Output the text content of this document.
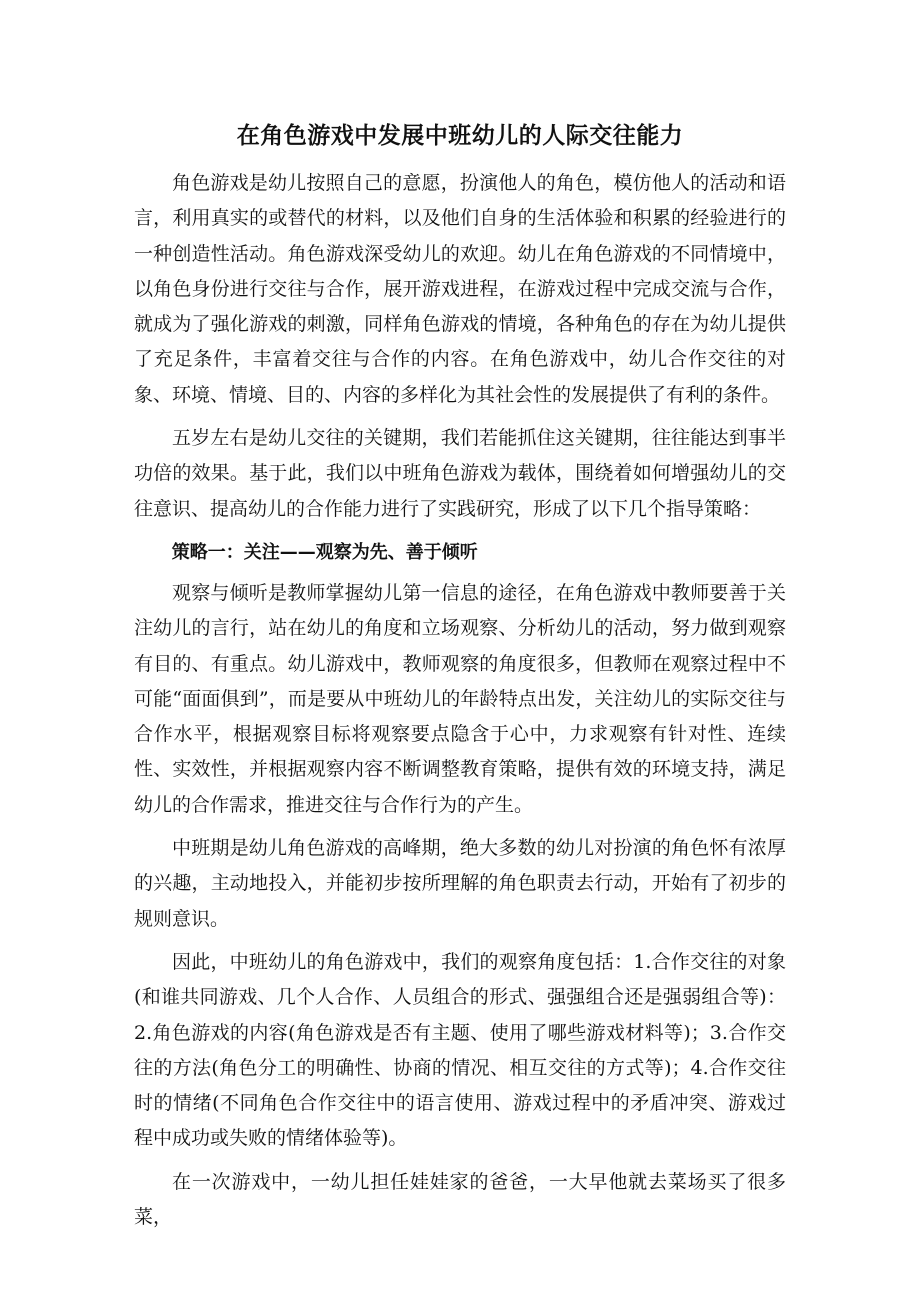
在角色游戏中发展中班幼儿的人际交往能力

角色游戏是幼儿按照自己的意愿，扮演他人的角色，模仿他人的活动和语言，利用真实的或替代的材料，以及他们自身的生活体验和积累的经验进行的一种创造性活动。角色游戏深受幼儿的欢迎。幼儿在角色游戏的不同情境中，以角色身份进行交往与合作，展开游戏进程，在游戏过程中完成交流与合作，就成为了强化游戏的刺激，同样角色游戏的情境，各种角色的存在为幼儿提供了充足条件，丰富着交往与合作的内容。在角色游戏中，幼儿合作交往的对象、环境、情境、目的、内容的多样化为其社会性的发展提供了有利的条件。

五岁左右是幼儿交往的关键期，我们若能抓住这关键期，往往能达到事半功倍的效果。基于此，我们以中班角色游戏为载体，围绕着如何增强幼儿的交往意识、提高幼儿的合作能力进行了实践研究，形成了以下几个指导策略：

策略一：关注——观察为先、善于倾听

观察与倾听是教师掌握幼儿第一信息的途径，在角色游戏中教师要善于关注幼儿的言行，站在幼儿的角度和立场观察、分析幼儿的活动，努力做到观察有目的、有重点。幼儿游戏中，教师观察的角度很多，但教师在观察过程中不可能“面面俱到”，而是要从中班幼儿的年龄特点出发，关注幼儿的实际交往与合作水平，根据观察目标将观察要点隐含于心中，力求观察有针对性、连续性、实效性，并根据观察内容不断调整教育策略，提供有效的环境支持，满足幼儿的合作需求，推进交往与合作行为的产生。

中班期是幼儿角色游戏的高峰期，绝大多数的幼儿对扮演的角色怀有浓厚的兴趣，主动地投入，并能初步按所理解的角色职责去行动，开始有了初步的规则意识。

因此，中班幼儿的角色游戏中，我们的观察角度包括：1.合作交往的对象(和谁共同游戏、几个人合作、人员组合的形式、强强组合还是强弱组合等)：2.角色游戏的内容(角色游戏是否有主题、使用了哪些游戏材料等)；3.合作交往的方法(角色分工的明确性、协商的情况、相互交往的方式等)；4.合作交往时的情绪(不同角色合作交往中的语言使用、游戏过程中的矛盾冲突、游戏过程中成功或失败的情绪体验等)。

在一次游戏中，一幼儿担任娃娃家的爸爸，一大早他就去菜场买了很多菜，
